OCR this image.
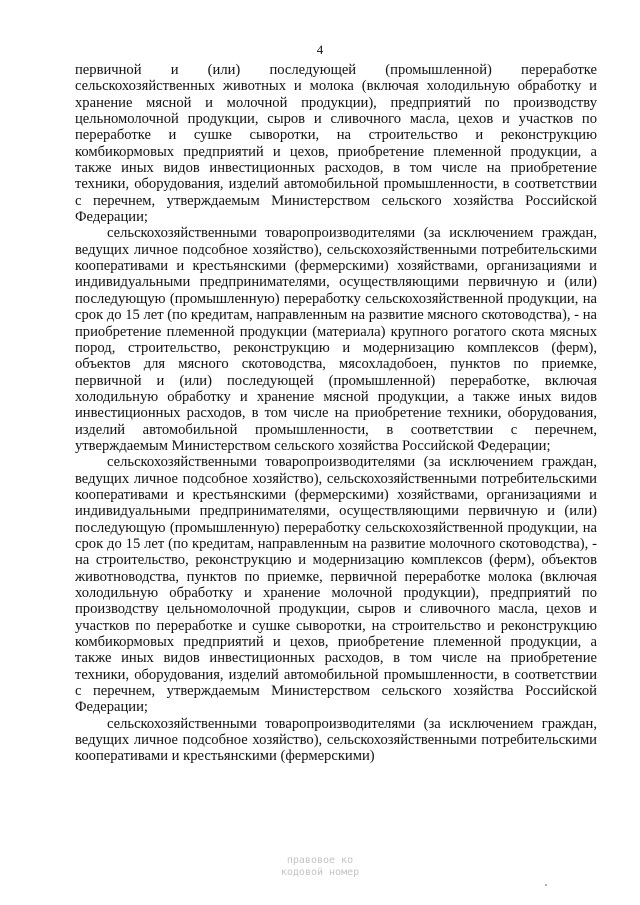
4

первичной и (или) последующей (промышленной) переработке сельскохозяйственных животных и молока (включая холодильную обработку и хранение мясной и молочной продукции), предприятий по производству цельномолочной продукции, сыров и сливочного масла, цехов и участков по переработке и сушке сыворотки, на строительство и реконструкцию комбикормовых предприятий и цехов, приобретение племенной продукции, а также иных видов инвестиционных расходов, в том числе на приобретение техники, оборудования, изделий автомобильной промышленности, в соответствии с перечнем, утверждаемым Министерством сельского хозяйства Российской Федерации;

сельскохозяйственными товаропроизводителями (за исключением граждан, ведущих личное подсобное хозяйство), сельскохозяйственными потребительскими кооперативами и крестьянскими (фермерскими) хозяйствами, организациями и индивидуальными предпринимателями, осуществляющими первичную и (или) последующую (промышленную) переработку сельскохозяйственной продукции, на срок до 15 лет (по кредитам, направленным на развитие мясного скотоводства), - на приобретение племенной продукции (материала) крупного рогатого скота мясных пород, строительство, реконструкцию и модернизацию комплексов (ферм), объектов для мясного скотоводства, мясохладобоен, пунктов по приемке, первичной и (или) последующей (промышленной) переработке, включая холодильную обработку и хранение мясной продукции, а также иных видов инвестиционных расходов, в том числе на приобретение техники, оборудования, изделий автомобильной промышленности, в соответствии с перечнем, утверждаемым Министерством сельского хозяйства Российской Федерации;

сельскохозяйственными товаропроизводителями (за исключением граждан, ведущих личное подсобное хозяйство), сельскохозяйственными потребительскими кооперативами и крестьянскими (фермерскими) хозяйствами, организациями и индивидуальными предпринимателями, осуществляющими первичную и (или) последующую (промышленную) переработку сельскохозяйственной продукции, на срок до 15 лет (по кредитам, направленным на развитие молочного скотоводства), - на строительство, реконструкцию и модернизацию комплексов (ферм), объектов животноводства, пунктов по приемке, первичной переработке молока (включая холодильную обработку и хранение молочной продукции), предприятий по производству цельномолочной продукции, сыров и сливочного масла, цехов и участков по переработке и сушке сыворотки, на строительство и реконструкцию комбикормовых предприятий и цехов, приобретение племенной продукции, а также иных видов инвестиционных расходов, в том числе на приобретение техники, оборудования, изделий автомобильной промышленности, в соответствии с перечнем, утверждаемым Министерством сельского хозяйства Российской Федерации;

сельскохозяйственными товаропроизводителями (за исключением граждан, ведущих личное подсобное хозяйство), сельскохозяйственными потребительскими кооперативами и крестьянскими (фермерскими)

правовое ко
кодовой номер
